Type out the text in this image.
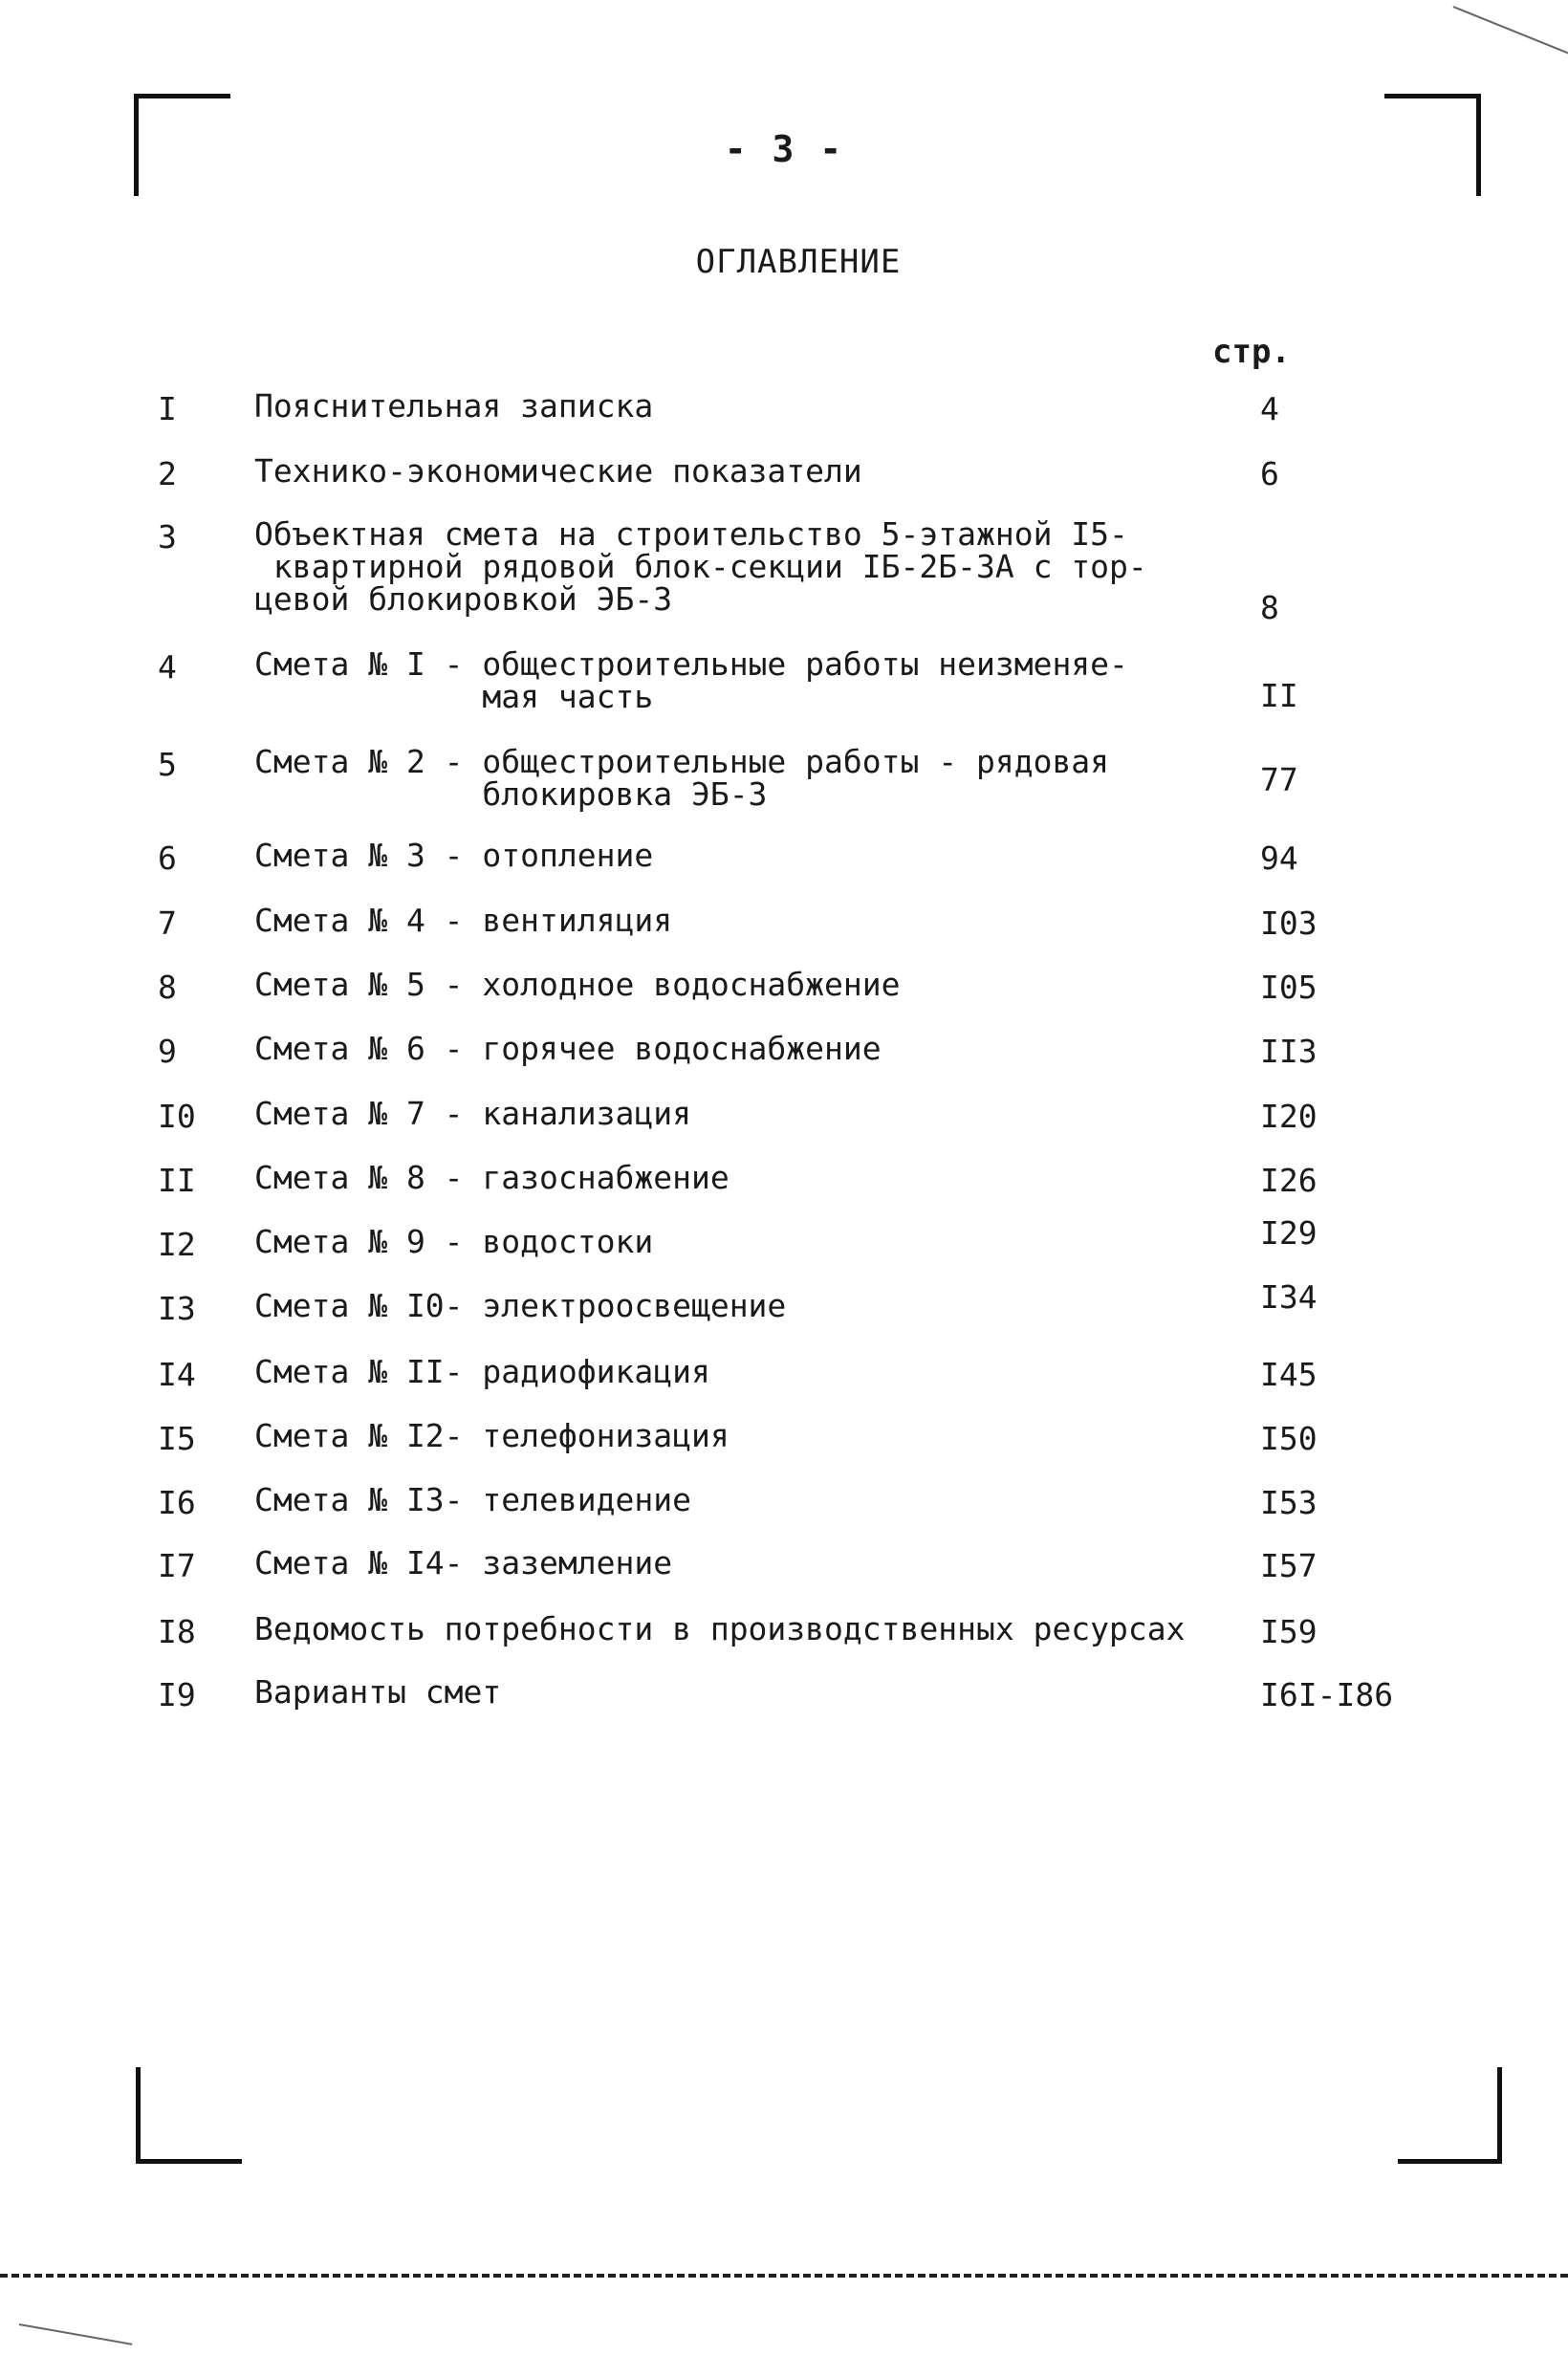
- 3 -
ОГЛАВЛЕНИЕ
стр.
I	Пояснительная записка	4
2	Технико-экономические показатели	6
3	Объектная смета на строительство 5-этажной I5-
квартирной рядовой блок-секции IБ-2Б-3А с тор-
цевой блокировкой ЭБ-3	8
4	Смета № I - общестроительные работы неизменяе-
мая часть	II
5	Смета № 2 - общестроительные работы - рядовая
блокировка ЭБ-3	77
6	Смета № 3 - отопление	94
7	Смета № 4 - вентиляция	I03
8	Смета № 5 - холодное водоснабжение	I05
9	Смета № 6 - горячее водоснабжение	II3
I0	Смета № 7 - канализация	I20
II	Смета № 8 - газоснабжение	I26
I2	Смета № 9 - водостоки	I29
I3	Смета № I0- электроосвещение	I34
I4	Смета № II- радиофикация	I45
I5	Смета № I2- телефонизация	I50
I6	Смета № I3- телевидение	I53
I7	Смета № I4- заземление	I57
I8	Ведомость потребности в производственных ресурсах	I59
I9	Варианты смет	I6I-I86
